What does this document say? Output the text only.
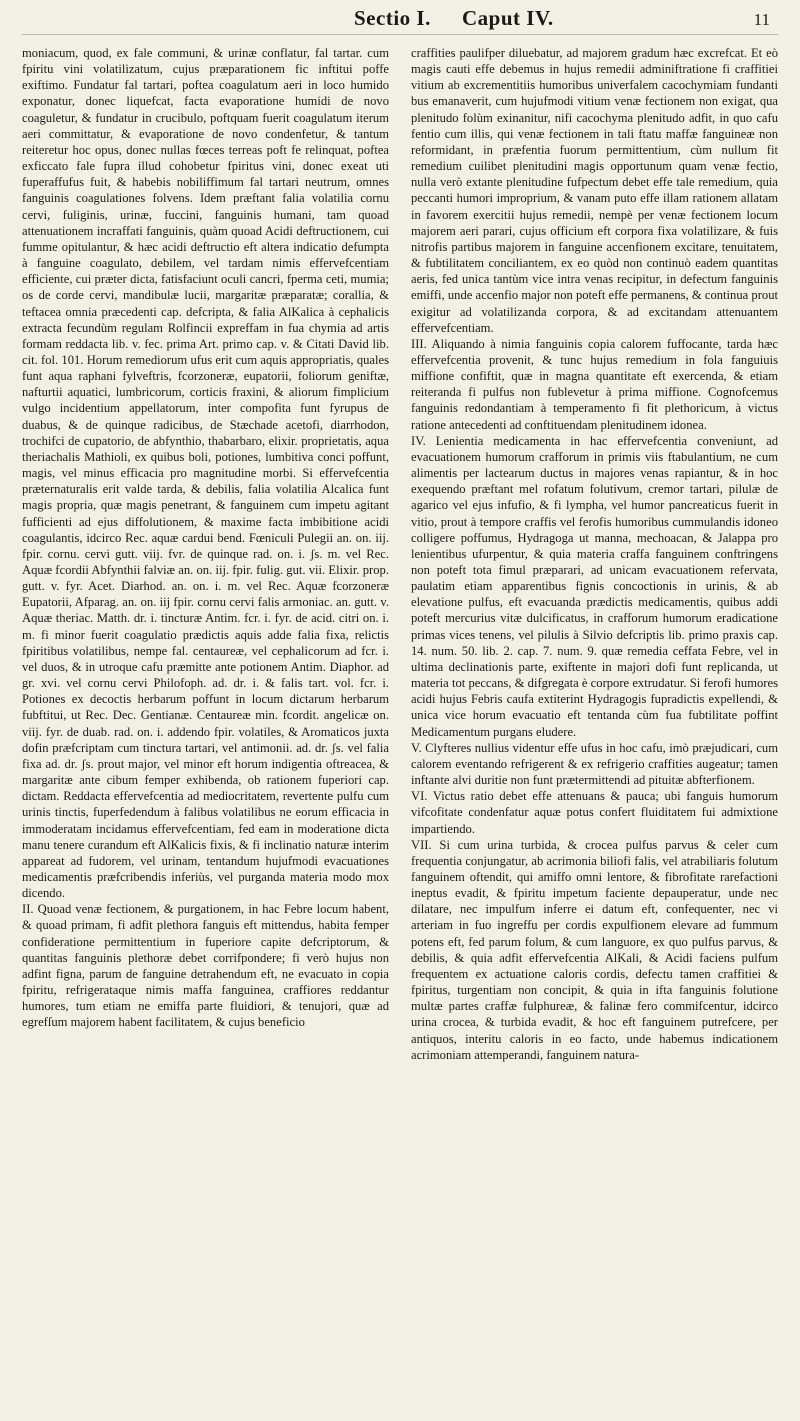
Sectio I. Caput IV.	11

moniacum, quod, ex fale communi, & urinæ conflatur, fal tartar. cum fpiritu vini volatilizatum, cujus præparationem fic inftitui poffe exiftimo. Fundatur fal tartari, poftea coagulatum aeri in loco humido exponatur, donec liquefcat, facta evaporatione humidi de novo coaguletur, & fundatur in crucibulo, poftquam fuerit coagulatum iterum aeri committatur, & evaporatione de novo condenfetur, & tantum reiteretur hoc opus, donec nullas fœces terreas poft fe relinquat, poftea exficcato fale fupra illud cohobetur fpiritus vini, donec exeat uti fuperaffufus fuit, & habebis nobiliffimum fal tartari neutrum, omnes fanguinis coagulationes folvens. Idem præftant falia volatilia cornu cervi, fuliginis, urinæ, fuccini, fanguinis humani, tam quoad attenuationem incraffati fanguinis, quàm quoad Acidi deftructionem, cui fumme opitulantur, & hæc acidi deftructio eft altera indicatio defumpta à fanguine coagulato, debilem, vel tardam nimis effervefcentiam efficiente, cui præter dicta, fatisfaciunt oculi cancri, fperma ceti, mumia; os de corde cervi, mandibulæ lucii, margaritæ præparatæ; corallia, & teftacea omnia præcedenti cap. defcripta, & falia AlKalica à cephalicis extracta fecundùm regulam Rolfincii expreffam in fua chymia ad artis formam reddacta lib. v. fec. prima Art. primo cap. v. & Citati David lib. cit. fol. 101. Horum remediorum ufus erit cum aquis appropriatis, quales funt aqua raphani fylveftris, fcorzoneræ, eupatorii, foliorum geniftæ, nafturtii aquatici, lumbricorum, corticis fraxini, & aliorum fimplicium vulgo incidentium appellatorum, inter compofita funt fyrupus de duabus, & de quinque radicibus, de Stæchade acetofi, diarrhodon, trochifci de cupatorio, de abfynthio, thabarbaro, elixir. proprietatis, aqua theriachalis Mathioli, ex quibus boli, potiones, lumbitiva conci poffunt, magis, vel minus efficacia pro magnitudine morbi. Si effervefcentia præternaturalis erit valde tarda, & debilis, falia volatilia Alcalica funt magis propria, quæ magis penetrant, & fanguinem cum impetu agitant fufficienti ad ejus diffolutionem, & maxime facta imbibitione acidi coagulantis, idcirco Rec. aquæ cardui bend. Fœniculi Pulegii an. on. iij. fpir. cornu. cervi gutt. viij. fvr. de quinque rad. on. i. ʃs. m. vel Rec. Aquæ fcordii Abfynthii falviæ an. on. iij. fpir. fulig. gut. vii. Elixir. prop. gutt. v. fyr. Acet. Diarhod. an. on. i. m. vel Rec. Aquæ fcorzoneræ Eupatorii, Afparag. an. on. iij fpir. cornu cervi falis armoniac. an. gutt. v. Aquæ theriac. Matth. dr. i. tincturæ Antim. fcr. i. fyr. de acid. citri on. i. m. fi minor fuerit coagulatio prædictis aquis adde falia fixa, relictis fpiritibus volatilibus, nempe fal. centaureæ, vel cephalicorum ad fcr. i. vel duos, & in utroque cafu præmitte ante potionem Antim. Diaphor. ad gr. xvi. vel cornu cervi Philofoph. ad. dr. i. & falis tart. vol. fcr. i. Potiones ex decoctis herbarum poffunt in locum dictarum herbarum fubftitui, ut Rec. Dec. Gentianæ. Centaureæ min. fcordit. angelicæ on. viij. fyr. de duab. rad. on. i. addendo fpir. volatiles, & Aromaticos juxta dofin præfcriptam cum tinctura tartari, vel antimonii. ad. dr. ʃs. vel falia fixa ad. dr. ʃs. prout major, vel minor eft horum indigentia oftreacea, & margaritæ ante cibum femper exhibenda, ob rationem fuperiori cap. dictam. Reddacta effervefcentia ad mediocritatem, revertente pulfu cum urinis tinctis, fuperfedendum à falibus volatilibus ne eorum efficacia in immoderatam incidamus effervefcentiam, fed eam in moderatione dicta manu tenere curandum eft AlKalicis fixis, & fi inclinatio naturæ interim appareat ad fudorem, vel urinam, tentandum hujufmodi evacuationes medicamentis præfcribendis inferiùs, vel purganda materia modo mox dicendo.

II. Quoad venæ fectionem, & purgationem, in hac Febre locum habent, & quoad primam, fi adfit plethora fanguis eft mittendus, habita femper confideratione permittentium in fuperiore capite defcriptorum, & quantitas fanguinis plethoræ debet corrifpondere; fi verò hujus non adfint figna, parum de fanguine detrahendum eft, ne evacuato in copia fpiritu, refrigerataque nimis maffa fanguinea, craffiores reddantur humores, tum etiam ne emiffa parte fluidiori, & tenujori, quæ ad egrefſum majorem habent facilitatem, & cujus beneficio

craffities paulifper diluebatur, ad majorem gradum hæc excrefcat. Et eò magis cauti effe debemus in hujus remedii adminiftratione fi craffitiei vitium ab excrementitiis humoribus univerfalem cacochymiam fundanti bus emanaverit, cum hujufmodi vitium venæ fectionem non exigat, qua plenitudo folùm exinanitur, nifi cacochyma plenitudo adfit, in quo cafu fentio cum illis, qui venæ fectionem in tali ftatu maffæ fanguineæ non reformidant, in præfentia fuorum permittentium, cùm nullum fit remedium cuilibet plenitudini magis opportunum quam venæ fectio, nulla verò extante plenitudine fufpectum debet effe tale remedium, quia peccanti humori improprium, & vanam puto effe illam rationem allatam in favorem exercitii hujus remedii, nempè per venæ fectionem locum majorem aeri parari, cujus officium eft corpora fixa volatilizare, & fuis nitrofis partibus majorem in fanguine accenfionem excitare, tenuitatem, & fubtilitatem conciliantem, ex eo quòd non continuò eadem quantitas aeris, fed unica tantùm vice intra venas recipitur, in defectum fanguinis emiffi, unde accenfio major non poteft effe permanens, & continua prout exigitur ad volatilizanda corpora, & ad excitandam attenuantem effervefcentiam.

III. Aliquando à nimia fanguinis copia calorem fuffocante, tarda hæc effervefcentia provenit, & tunc hujus remedium in fola fanguiuis miffione confiftit, quæ in magna quantitate eft exercenda, & etiam reiteranda fi pulfus non fublevetur à prima miffione. Cognofcemus fanguinis redondantiam à temperamento fi fit plethoricum, à victus ratione antecedenti ad conftituendam plenitudinem idonea.

IV. Lenientia medicamenta in hac effervefcentia conveniunt, ad evacuationem humorum crafforum in primis viis ftabulantium, ne cum alimentis per lactearum ductus in majores venas rapiantur, & in hoc exequendo præftant mel rofatum folutivum, cremor tartari, pilulæ de agarico vel ejus infufio, & fi lympha, vel humor pancreaticus fuerit in vitio, prout à tempore craffis vel ferofis humoribus cummulandis idoneo colligere poffumus, Hydragoga ut manna, mechoacan, & Jalappa pro lenientibus ufurpentur, & quia materia craffa fanguinem conftringens non poteft tota fimul præparari, ad unicam evacuationem refervata, paulatim etiam apparentibus fignis concoctionis in urinis, & ab elevatione pulfus, eft evacuanda prædictis medicamentis, quibus addi poteft mercurius vitæ dulcificatus, in crafforum humorum eradicatione primas vices tenens, vel pilulis à Silvio defcriptis lib. primo praxis cap. 14. num. 50. lib. 2. cap. 7. num. 9. quæ remedia ceffata Febre, vel in ultima declinationis parte, exiftente in majori dofi funt replicanda, ut materia tot peccans, & difgregata è corpore extrudatur. Si ferofi humores acidi hujus Febris caufa extiterint Hydragogis fupradictis expellendi, & unica vice horum evacuatio eft tentanda cùm fua fubtilitate poffint Medicamentum purgans eludere.

V. Clyfteres nullius videntur effe ufus in hoc cafu, imò præjudicari, cum calorem eventando refrigerent & ex refrigerio craffities augeatur; tamen inftante alvi duritie non funt prætermittendi ad pituitæ abfterfionem.

VI. Victus ratio debet effe attenuans & pauca; ubi fanguis humorum vifcofitate condenfatur aquæ potus confert fluiditatem fui admixtione impartiendo.

VII. Si cum urina turbida, & crocea pulfus parvus & celer cum frequentia conjungatur, ab acrimonia biliofi falis, vel atrabiliaris folutum fanguinem oftendit, qui amiffo omni lentore, & fibrofitate rarefactioni ineptus evadit, & fpiritu impetum faciente depauperatur, unde nec dilatare, nec impulfum inferre ei datum eft, confequenter, nec vi arteriam in fuo ingreffu per cordis expulfionem elevare ad fummum potens eft, fed parum folum, & cum languore, ex quo pulfus parvus, & debilis, & quia adfit effervefcentia AlKali, & Acidi faciens pulfum frequentem ex actuatione caloris cordis, defectu tamen craffitiei & fpiritus, turgentiam non concipit, & quia in ifta fanguinis folutione multæ partes craffæ fulphureæ, & falinæ fero commifcentur, idcirco urina crocea, & turbida evadit, & hoc eft fanguinem putrefcere, per antiquos, interitu caloris in eo facto, unde habemus indicationem acrimoniam attemperandi, fanguinem natura-
